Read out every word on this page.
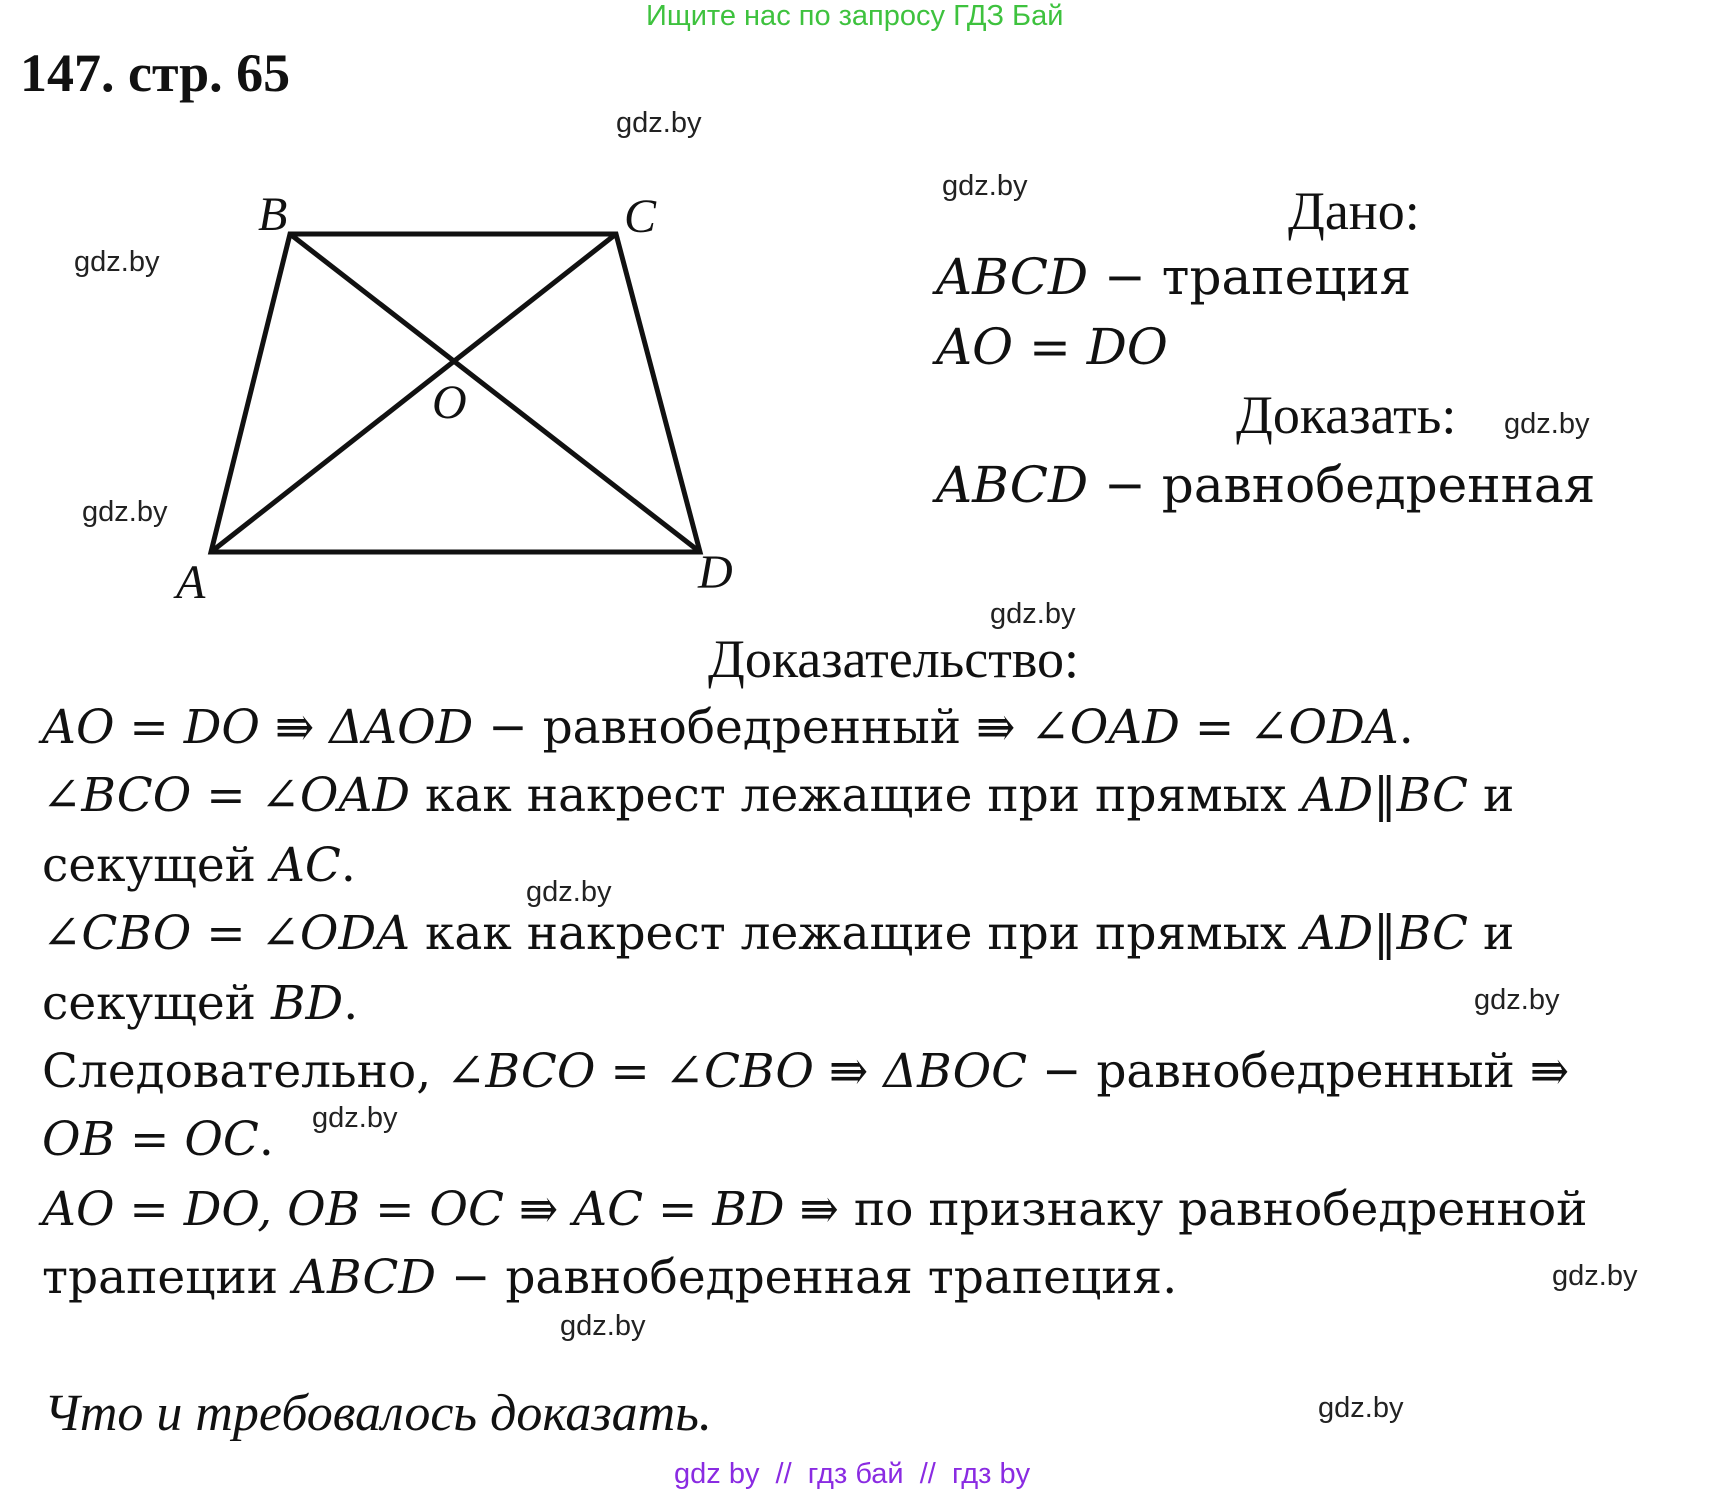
Ищите нас по запросу ГДЗ Бай
147. стр. 65
gdz.by
gdz.by
gdz.by
gdz.by
gdz.by
gdz.by
gdz.by
gdz.by
gdz.by
gdz.by
gdz.by
gdz.by
B	C
A	D
O
Дано:
ABCD − трапеция
AO = DO
Доказать:
ABCD − равнобедренная
Доказательство:
AO = DO ⇛ ΔAOD − равнобедренный ⇛ ∠OAD = ∠ODA.
∠BCO = ∠OAD как накрест лежащие при прямых AD‖BC и
секущей AC.
∠CBO = ∠ODA как накрест лежащие при прямых AD‖BC и
секущей BD.
Следовательно, ∠BCO = ∠CBO ⇛ ΔBOC − равнобедренный ⇛
OB = OC.
AO = DO, OB = OC ⇛ AC = BD ⇛ по признаку равнобедренной
трапеции ABCD − равнобедренная трапеция.
Что и требовалось доказать.
gdz by  //  гдз бай  //  гдз by
